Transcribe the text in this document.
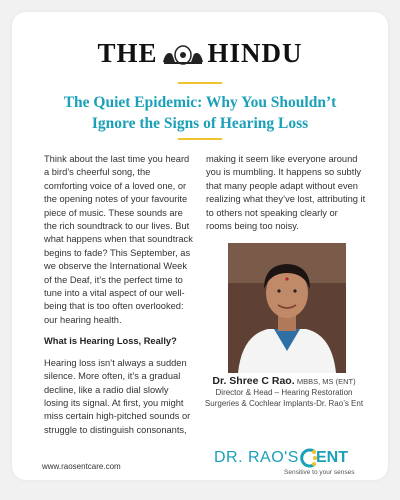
THE HINDU
The Quiet Epidemic: Why You Shouldn’t
Ignore the Signs of Hearing Loss

Think about the last time you heard a bird’s cheerful song, the comforting voice of a loved one, or the opening notes of your favourite piece of music. These sounds are the rich soundtrack to our lives. But what happens when that soundtrack begins to fade? This September, as we observe the International Week of the Deaf, it’s the perfect time to tune into a vital aspect of our well-being that is too often overlooked: our hearing health.

What is Hearing Loss, Really?

Hearing loss isn’t always a sudden silence. More often, it’s a gradual decline, like a radio dial slowly losing its signal. At first, you might miss certain high-pitched sounds or struggle to distinguish consonants,

making it seem like everyone around you is mumbling. It happens so subtly that many people adapt without even realizing what they’ve lost, attributing it to others not speaking clearly or rooms being too noisy.

Dr. Shree C Rao. MBBS, MS (ENT)
Director & Head – Hearing Restoration
Surgeries & Cochlear Implants-Dr. Rao’s Ent
www.raosentcare.com
DR. RAO'S ENT
Sensitive to your senses
